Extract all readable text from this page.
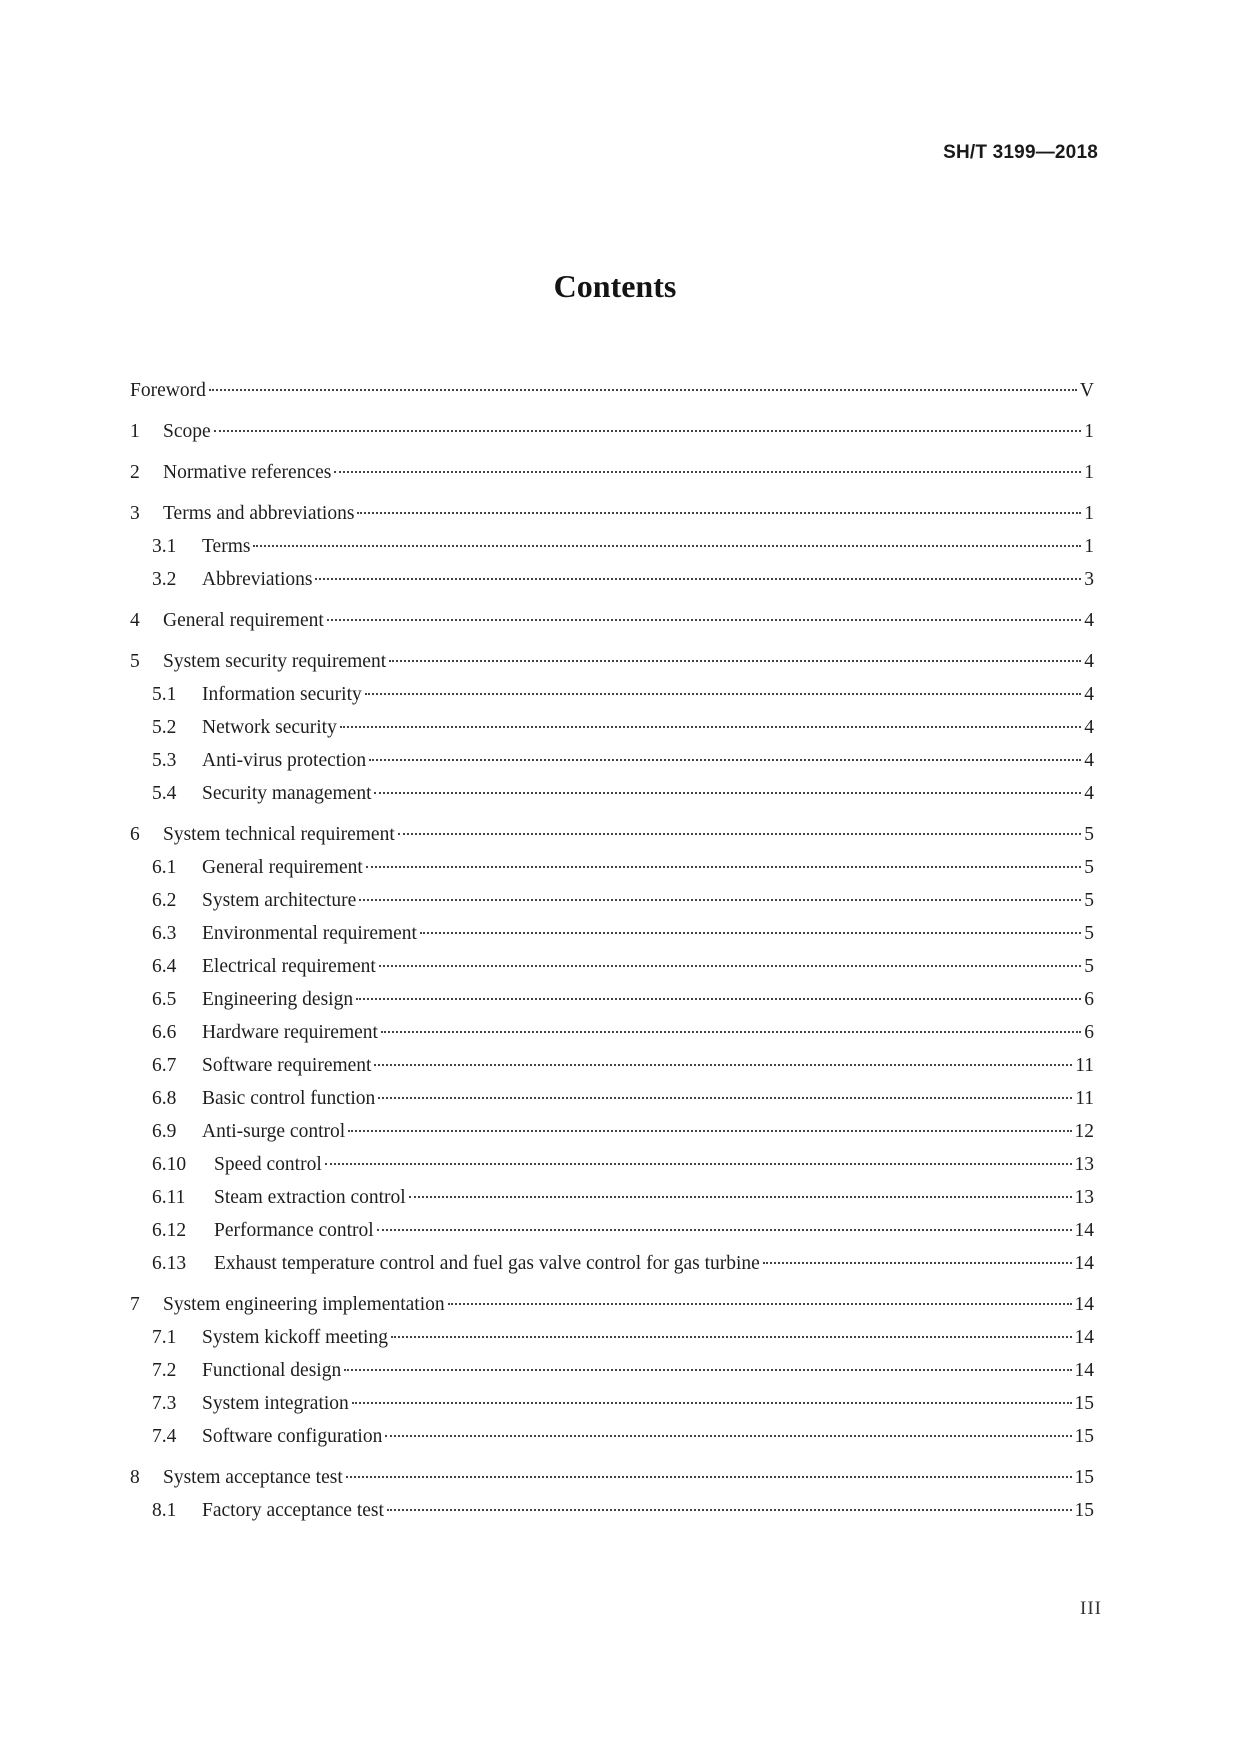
SH/T 3199—2018
Contents
Foreword	V
1	Scope	1
2	Normative references	1
3	Terms and abbreviations	1
3.1	Terms	1
3.2	Abbreviations	3
4	General requirement	4
5	System security requirement	4
5.1	Information security	4
5.2	Network security	4
5.3	Anti-virus protection	4
5.4	Security management	4
6	System technical requirement	5
6.1	General requirement	5
6.2	System architecture	5
6.3	Environmental requirement	5
6.4	Electrical requirement	5
6.5	Engineering design	6
6.6	Hardware requirement	6
6.7	Software requirement	11
6.8	Basic control function	11
6.9	Anti-surge control	12
6.10	Speed control	13
6.11	Steam extraction control	13
6.12	Performance control	14
6.13	Exhaust temperature control and fuel gas valve control for gas turbine	14
7	System engineering implementation	14
7.1	System kickoff meeting	14
7.2	Functional design	14
7.3	System integration	15
7.4	Software configuration	15
8	System acceptance test	15
8.1	Factory acceptance test	15
III
